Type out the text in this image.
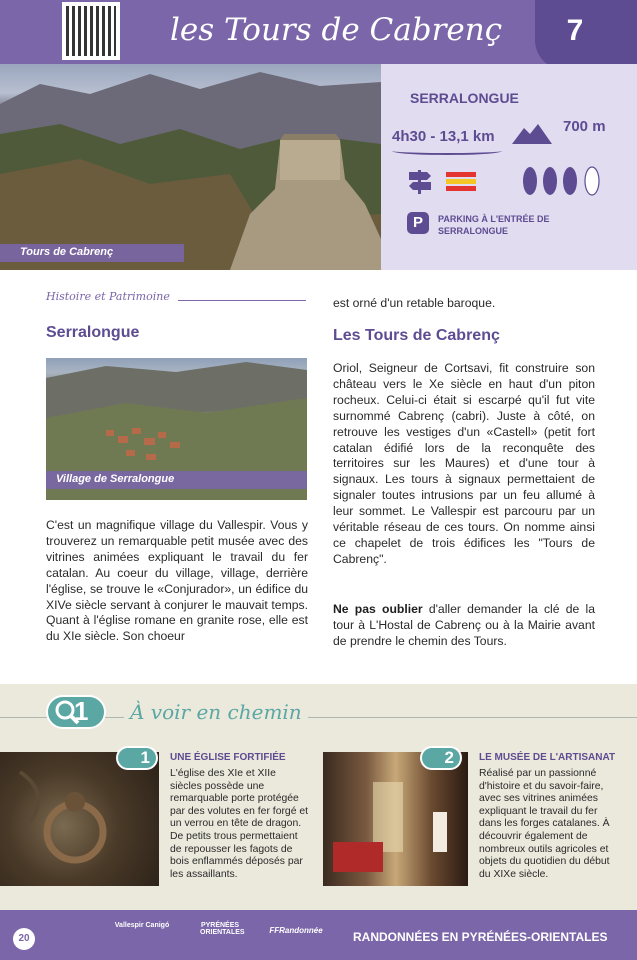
les Tours de Cabrenç	7
Tours de Cabrenç
SERRALONGUE
4h30 - 13,1 km
700 m
P	PARKING À L'ENTRÉE DE SERRALONGUE
Histoire et Patrimoine
Serralongue
Village de Serralongue
C'est un magnifique village du Vallespir. Vous y trouverez un remarquable petit musée avec des vitrines animées expliquant le travail du fer catalan. Au coeur du village, village, derrière l'église, se trouve le «Conjurador», un édifice du XIVe siècle servant à conjurer le mauvait temps. Quant à l'église romane en granite rose, elle est du XIe siècle. Son choeur
est orné d'un retable baroque.
Les Tours de Cabrenç
Oriol, Seigneur de Cortsavi, fit construire son château vers le Xe siècle en haut d'un piton rocheux. Celui-ci était si escarpé qu'il fut vite surnommé Cabrenç (cabri). Juste à côté, on retrouve les vestiges d'un «Castell» (petit fort catalan édifié lors de la reconquête des territoires sur les Maures) et d'une tour à signaux. Les tours à signaux permettaient de signaler toutes intrusions par un feu allumé à leur sommet. Le Vallespir est parcouru par un véritable réseau de ces tours. On nomme ainsi ce chapelet de trois édifices les "Tours de Cabrenç".
Ne pas oublier d'aller demander la clé de la tour à L'Hostal de Cabrenç ou à la Mairie avant de prendre le chemin des Tours.
1	À voir en chemin
1	UNE ÉGLISE FORTIFIÉE
L'église des XIe et XIIe siècles possède une remarquable porte protégée par des volutes en fer forgé et un verrou en tête de dragon. De petits trous permettaient de repousser les fagots de bois enflammés déposés par les assaillants.
2	LE MUSÉE DE L'ARTISANAT
Réalisé par un passionné d'histoire et du savoir-faire, avec ses vitrines animées expliquant le travail du fer dans les forges catalanes. À découvrir également de nombreux outils agricoles et objets du quotidien du début du XIXe siècle.
20
Vallespir Canigó	PYRÉNÉES ORIENTALES	FFRandonnée	RANDONNÉES EN PYRÉNÉES-ORIENTALES
